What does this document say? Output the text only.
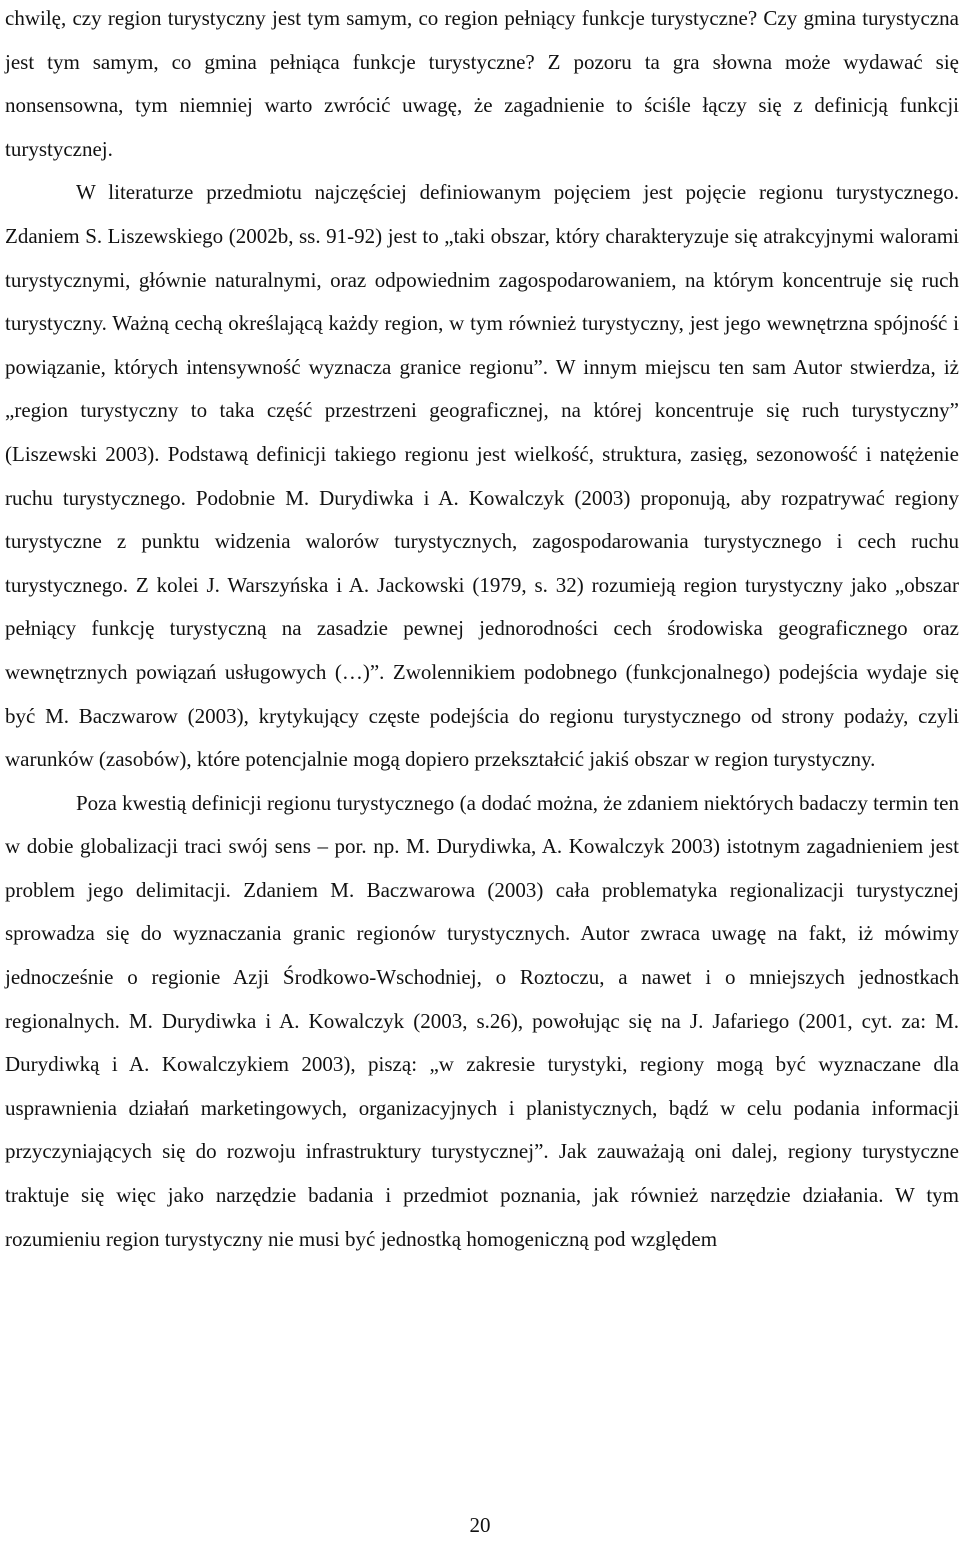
chwilę, czy region turystyczny jest tym samym, co region pełniący funkcje turystyczne? Czy gmina turystyczna jest tym samym, co gmina pełniąca funkcje turystyczne? Z pozoru ta gra słowna może wydawać się nonsensowna, tym niemniej warto zwrócić uwagę, że zagadnienie to ściśle łączy się z definicją funkcji turystycznej.

W literaturze przedmiotu najczęściej definiowanym pojęciem jest pojęcie regionu turystycznego. Zdaniem S. Liszewskiego (2002b, ss. 91-92) jest to „taki obszar, który charakteryzuje się atrakcyjnymi walorami turystycznymi, głównie naturalnymi, oraz odpowiednim zagospodarowaniem, na którym koncentruje się ruch turystyczny. Ważną cechą określającą każdy region, w tym również turystyczny, jest jego wewnętrzna spójność i powiązanie, których intensywność wyznacza granice regionu”. W innym miejscu ten sam Autor stwierdza, iż „region turystyczny to taka część przestrzeni geograficznej, na której koncentruje się ruch turystyczny” (Liszewski 2003). Podstawą definicji takiego regionu jest wielkość, struktura, zasięg, sezonowość i natężenie ruchu turystycznego. Podobnie M. Durydiwka i A. Kowalczyk (2003) proponują, aby rozpatrywać regiony turystyczne z punktu widzenia walorów turystycznych, zagospodarowania turystycznego i cech ruchu turystycznego. Z kolei J. Warszyńska i A. Jackowski (1979, s. 32) rozumieją region turystyczny jako „obszar pełniący funkcję turystyczną na zasadzie pewnej jednorodności cech środowiska geograficznego oraz wewnętrznych powiązań usługowych (…)”. Zwolennikiem podobnego (funkcjonalnego) podejścia wydaje się być M. Baczwarow (2003), krytykujący częste podejścia do regionu turystycznego od strony podaży, czyli warunków (zasobów), które potencjalnie mogą dopiero przekształcić jakiś obszar w region turystyczny.

Poza kwestią definicji regionu turystycznego (a dodać można, że zdaniem niektórych badaczy termin ten w dobie globalizacji traci swój sens – por. np. M. Durydiwka, A. Kowalczyk 2003) istotnym zagadnieniem jest problem jego delimitacji. Zdaniem M. Baczwarowa (2003) cała problematyka regionalizacji turystycznej sprowadza się do wyznaczania granic regionów turystycznych. Autor zwraca uwagę na fakt, iż mówimy jednocześnie o regionie Azji Środkowo-Wschodniej, o Roztoczu, a nawet i o mniejszych jednostkach regionalnych. M. Durydiwka i A. Kowalczyk (2003, s.26), powołując się na J. Jafariego (2001, cyt. za: M. Durydiwką i A. Kowalczykiem 2003), piszą: „w zakresie turystyki, regiony mogą być wyznaczane dla usprawnienia działań marketingowych, organizacyjnych i planistycznych, bądź w celu podania informacji przyczyniających się do rozwoju infrastruktury turystycznej”. Jak zauważają oni dalej, regiony turystyczne traktuje się więc jako narzędzie badania i przedmiot poznania, jak również narzędzie działania. W tym rozumieniu region turystyczny nie musi być jednostką homogeniczną pod względem

20
